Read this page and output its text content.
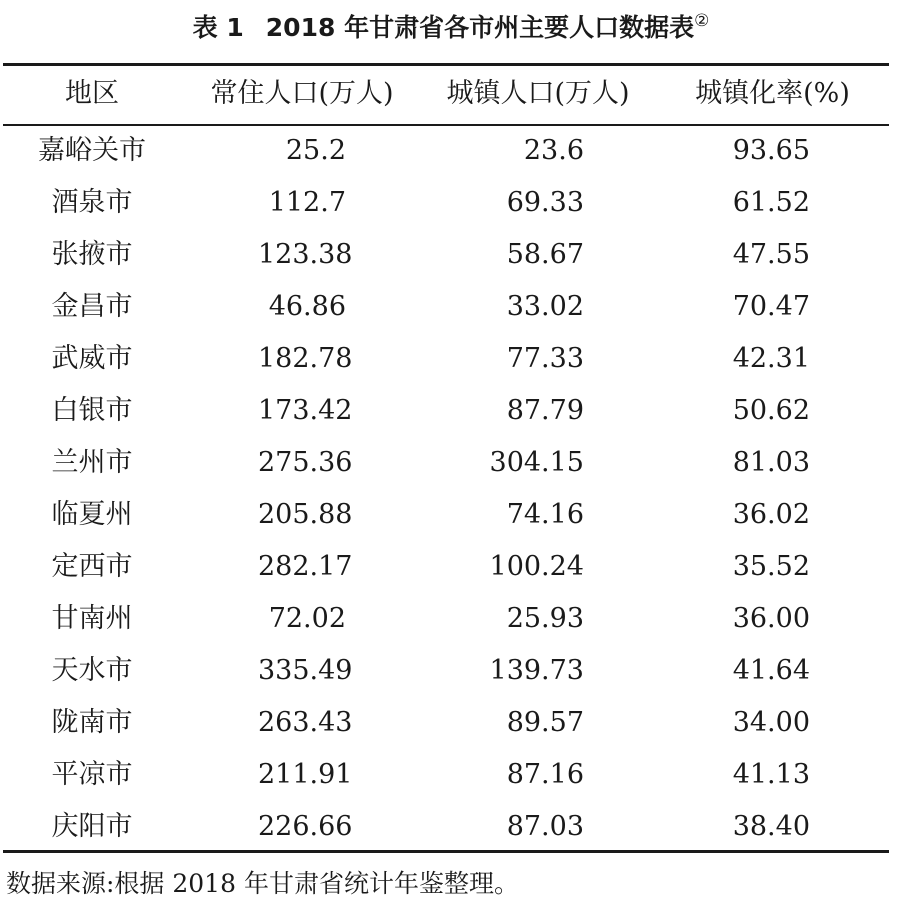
表 1 2018 年甘肃省各市州主要人口数据表②
地区	常住人口(万人)	城镇人口(万人)	城镇化率(%)
嘉峪关市	25.2	23.6	93.65
酒泉市	112.7	69.33	61.52
张掖市	123.38	58.67	47.55
金昌市	46.86	33.02	70.47
武威市	182.78	77.33	42.31
白银市	173.42	87.79	50.62
兰州市	275.36	304.15	81.03
临夏州	205.88	74.16	36.02
定西市	282.17	100.24	35.52
甘南州	72.02	25.93	36.00
天水市	335.49	139.73	41.64
陇南市	263.43	89.57	34.00
平凉市	211.91	87.16	41.13
庆阳市	226.66	87.03	38.40
数据来源:根据 2018 年甘肃省统计年鉴整理。
